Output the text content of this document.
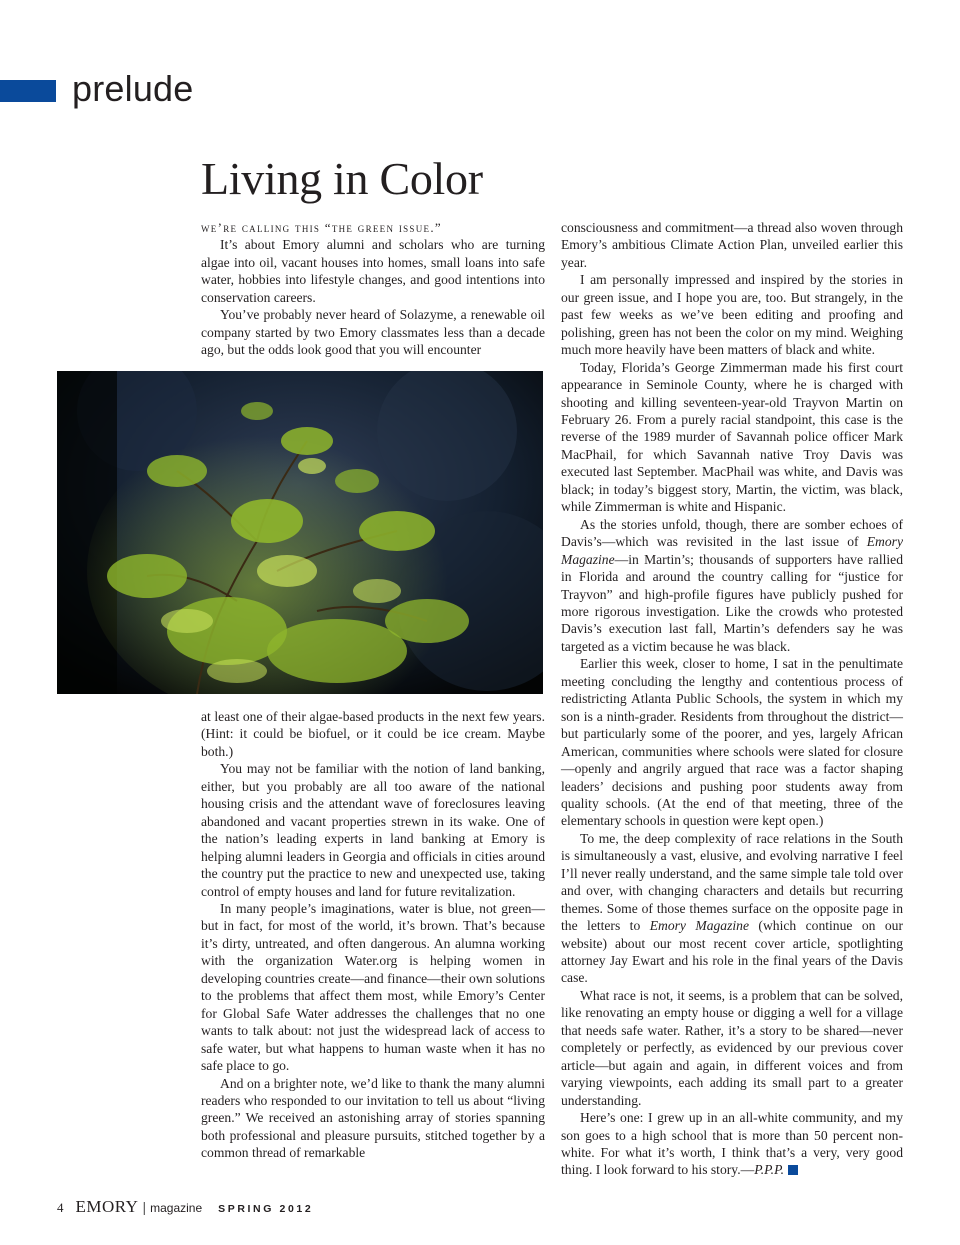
prelude
Living in Color

we’re calling this “the green issue.”

It’s about Emory alumni and scholars who are turning algae into oil, vacant houses into homes, small loans into safe water, hobbies into lifestyle changes, and good intentions into conservation careers.

You’ve probably never heard of Solazyme, a renewable oil company started by two Emory classmates less than a decade ago, but the odds look good that you will encounter

at least one of their algae-based products in the next few years. (Hint: it could be biofuel, or it could be ice cream. Maybe both.)

You may not be familiar with the notion of land banking, either, but you probably are all too aware of the national housing crisis and the attendant wave of foreclosures leaving abandoned and vacant properties strewn in its wake. One of the nation’s leading experts in land banking at Emory is helping alumni leaders in Georgia and officials in cities around the country put the practice to new and unexpected use, taking control of empty houses and land for future revitalization.

In many people’s imaginations, water is blue, not green—but in fact, for most of the world, it’s brown. That’s because it’s dirty, untreated, and often dangerous. An alumna working with the organization Water.org is helping women in developing countries create—and finance—their own solutions to the problems that affect them most, while Emory’s Center for Global Safe Water addresses the challenges that no one wants to talk about: not just the widespread lack of access to safe water, but what happens to human waste when it has no safe place to go.

And on a brighter note, we’d like to thank the many alumni readers who responded to our invitation to tell us about “living green.” We received an astonishing array of stories spanning both professional and pleasure pursuits, stitched together by a common thread of remarkable

consciousness and commitment—a thread also woven through Emory’s ambitious Climate Action Plan, unveiled earlier this year.

I am personally impressed and inspired by the stories in our green issue, and I hope you are, too. But strangely, in the past few weeks as we’ve been editing and proofing and polishing, green has not been the color on my mind. Weighing much more heavily have been matters of black and white.

Today, Florida’s George Zimmerman made his first court appearance in Seminole County, where he is charged with shooting and killing seventeen-year-old Trayvon Martin on February 26. From a purely racial standpoint, this case is the reverse of the 1989 murder of Savannah police officer Mark MacPhail, for which Savannah native Troy Davis was executed last September. MacPhail was white, and Davis was black; in today’s biggest story, Martin, the victim, was black, while Zimmerman is white and Hispanic.

As the stories unfold, though, there are somber echoes of Davis’s—which was revisited in the last issue of Emory Magazine—in Martin’s; thousands of supporters have rallied in Florida and around the country calling for “justice for Trayvon” and high-profile figures have publicly pushed for more rigorous investigation. Like the crowds who protested Davis’s execution last fall, Martin’s defenders say he was targeted as a victim because he was black.

Earlier this week, closer to home, I sat in the penultimate meeting concluding the lengthy and contentious process of redistricting Atlanta Public Schools, the system in which my son is a ninth-grader. Residents from throughout the district—but particularly some of the poorer, and yes, largely African American, communities where schools were slated for closure—openly and angrily argued that race was a factor shaping leaders’ decisions and pushing poor students away from quality schools. (At the end of that meeting, three of the elementary schools in question were kept open.)

To me, the deep complexity of race relations in the South is simultaneously a vast, elusive, and evolving narrative I feel I’ll never really understand, and the same simple tale told over and over, with changing characters and details but recurring themes. Some of those themes surface on the opposite page in the letters to Emory Magazine (which continue on our website) about our most recent cover article, spotlighting attorney Jay Ewart and his role in the final years of the Davis case.

What race is not, it seems, is a problem that can be solved, like renovating an empty house or digging a well for a village that needs safe water. Rather, it’s a story to be shared—never completely or perfectly, as evidenced by our previous cover article—but again and again, in different voices and from varying viewpoints, each adding its small part to a greater understanding.

Here’s one: I grew up in an all-white community, and my son goes to a high school that is more than 50 percent non-white. For what it’s worth, I think that’s a very, very good thing. I look forward to his story.—P.P.P.

4 EMORY | magazine SPRING 2012
